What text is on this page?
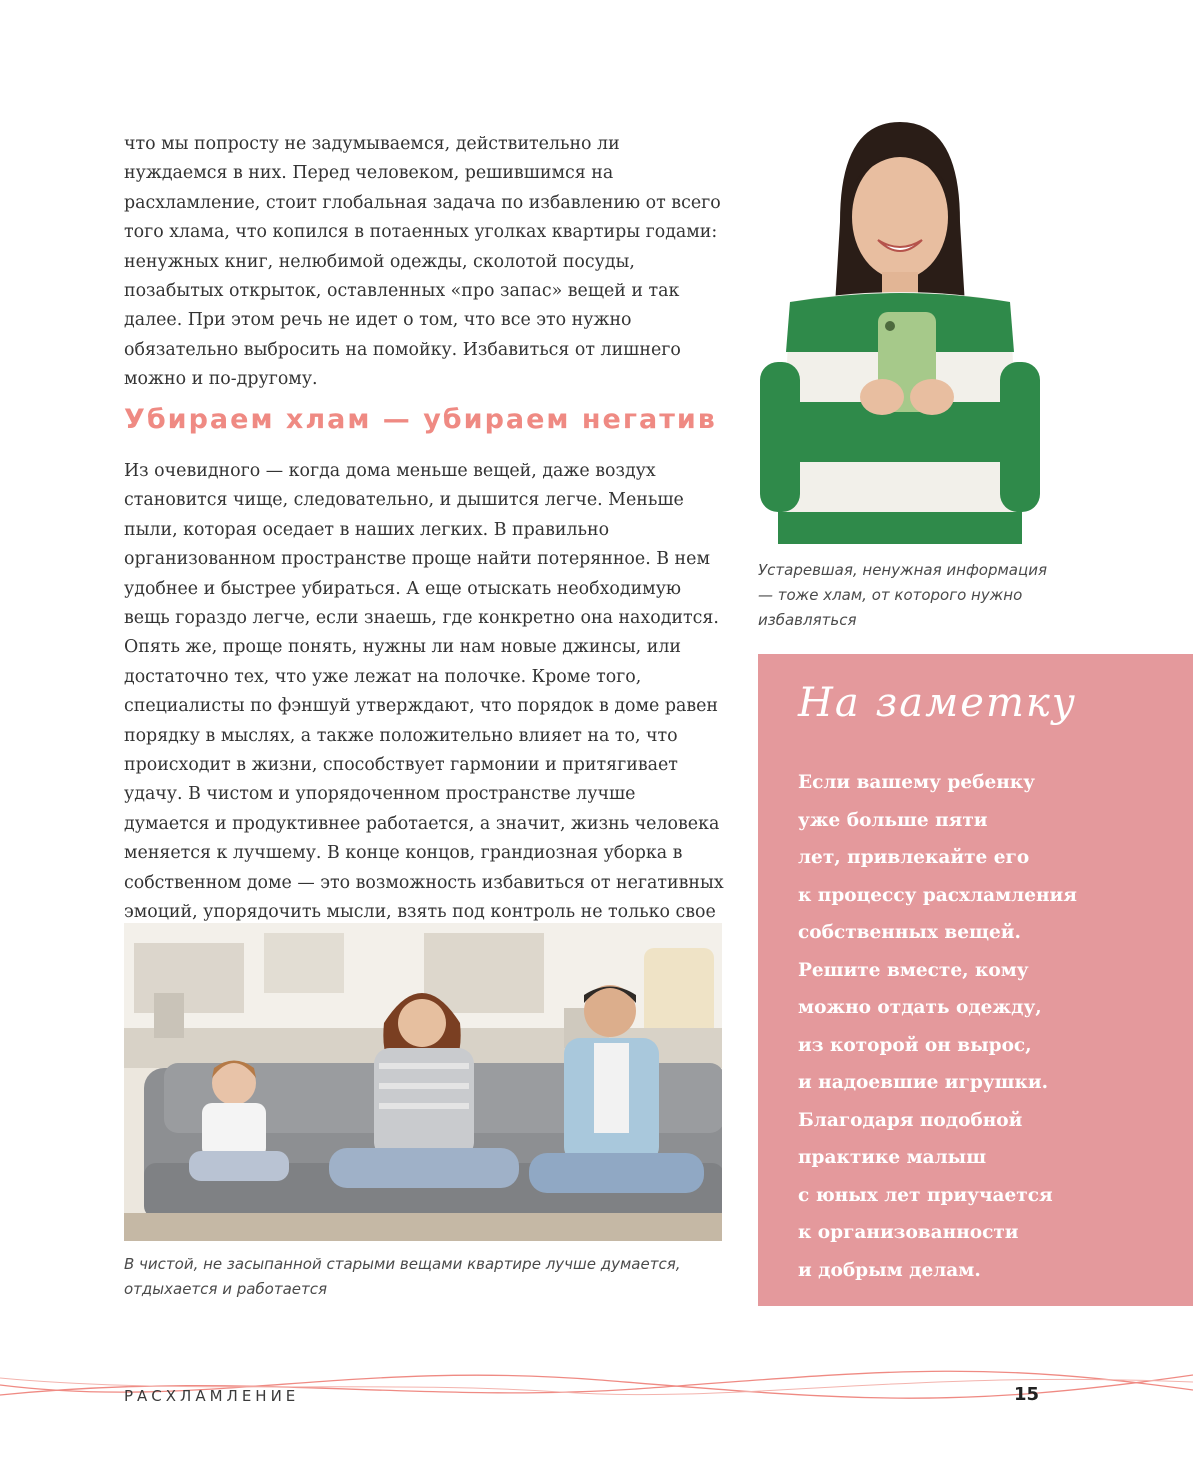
что мы попросту не задумываемся, действительно ли нуждаемся в них. Перед человеком, решившимся на расхламление, стоит глобальная задача по избавлению от всего того хлама, что копился в потаенных уголках квартиры годами: ненужных книг, нелюбимой одежды, сколотой посуды, позабытых открыток, оставленных «про запас» вещей и так далее. При этом речь не идет о том, что все это нужно обязательно выбросить на помойку. Избавиться от лишнего можно и по-другому.

Убираем хлам — убираем негатив

Из очевидного — когда дома меньше вещей, даже воздух становится чище, следовательно, и дышится легче. Меньше пыли, которая оседает в наших легких. В правильно организованном пространстве проще найти потерянное. В нем удобнее и быстрее убираться. А еще отыскать необходимую вещь гораздо легче, если знаешь, где конкретно она находится. Опять же, проще понять, нужны ли нам новые джинсы, или достаточно тех, что уже лежат на полочке. Кроме того, специалисты по фэншуй утверждают, что порядок в доме равен порядку в мыслях, а также положительно влияет на то, что происходит в жизни, способствует гармонии и притягивает удачу. В чистом и упорядоченном пространстве лучше думается и продуктивнее работается, а значит, жизнь человека меняется к лучшему. В конце концов, грандиозная уборка в собственном доме — это возможность избавиться от негативных эмоций, упорядочить мысли, взять под контроль не только свое

В чистой, не засыпанной старыми вещами квартире лучше думается, отдыхается и работается

Устаревшая, ненужная информация — тоже хлам, от которого нужно избавляться

На заметку
Если вашему ребенку
уже больше пяти
лет, привлекайте его
к процессу расхламления
собственных вещей.
Решите вместе, кому
можно отдать одежду,
из которой он вырос,
и надоевшие игрушки.
Благодаря подобной
практике малыш
с юных лет приучается
к организованности
и добрым делам.
РАСХЛАМЛЕНИЕ	15
